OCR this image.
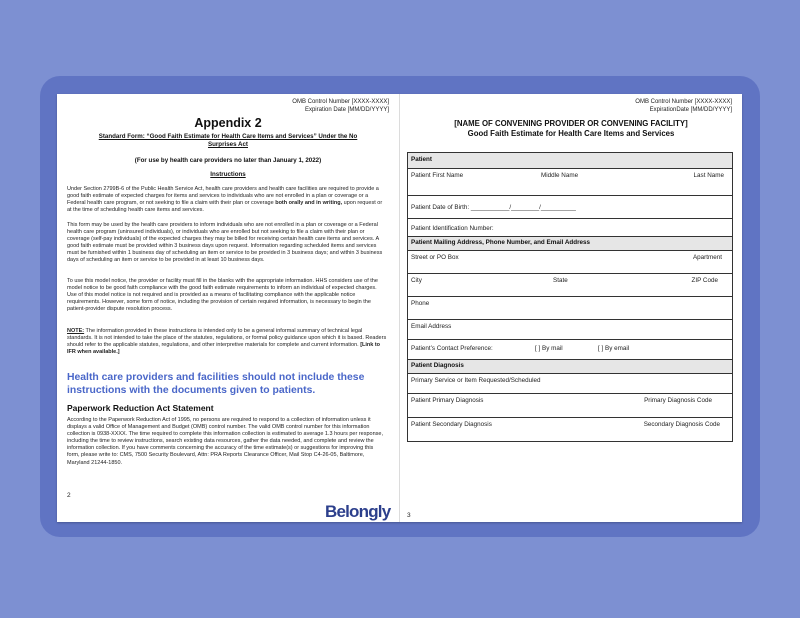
OMB Control Number [XXXX-XXXX]
Expiration Date [MM/DD/YYYY]
Appendix 2
Standard Form: “Good Faith Estimate for Health Care Items and Services” Under the No Surprises Act
(For use by health care providers no later than January 1, 2022)
Instructions
Under Section 2799B-6 of the Public Health Service Act, health care providers and health care facilities are required to provide a good faith estimate of expected charges for items and services to individuals who are not enrolled in a plan or coverage or a Federal health care program, or not seeking to file a claim with their plan or coverage both orally and in writing, upon request or at the time of scheduling health care items and services.
This form may be used by the health care providers to inform individuals who are not enrolled in a plan or coverage or a Federal health care program (uninsured individuals), or individuals who are enrolled but not seeking to file a claim with their plan or coverage (self-pay individuals) of the expected charges they may be billed for receiving certain health care items and services. A good faith estimate must be provided within 3 business days upon request. Information regarding scheduled items and services must be furnished within 1 business day of scheduling an item or service to be provided in 3 business days; and within 3 business days of scheduling an item or service to be provided in at least 10 business days.
To use this model notice, the provider or facility must fill in the blanks with the appropriate information. HHS considers use of the model notice to be good faith compliance with the good faith estimate requirements to inform an individual of expected charges. Use of this model notice is not required and is provided as a means of facilitating compliance with the applicable notice requirements. However, some form of notice, including the provision of certain required information, is necessary to begin the patient-provider dispute resolution process.
NOTE: The information provided in these instructions is intended only to be a general informal summary of technical legal standards. It is not intended to take the place of the statutes, regulations, or formal policy guidance upon which it is based. Readers should refer to the applicable statutes, regulations, and other interpretive materials for complete and current information. [Link to IFR when available.]
Health care providers and facilities should not include these instructions with the documents given to patients.
Paperwork Reduction Act Statement
According to the Paperwork Reduction Act of 1995, no persons are required to respond to a collection of information unless it displays a valid Office of Management and Budget (OMB) control number. The valid OMB control number for this information collection is 0938-XXXX. The time required to complete this information collection is estimated to average 1.3 hours per response, including the time to review instructions, search existing data resources, gather the data needed, and complete and review the information collection. If you have comments concerning the accuracy of the time estimate(s) or suggestions for improving this form, please write to: CMS, 7500 Security Boulevard, Attn: PRA Reports Clearance Officer, Mail Stop C4-26-05, Baltimore, Maryland 21244-1850.
2
Belongly
OMB Control Number [XXXX-XXXX]
ExpirationDate [MM/DD/YYYY]
[NAME OF CONVENING PROVIDER OR CONVENING FACILITY]
Good Faith Estimate for Health Care Items and Services
Patient
Patient First Name	Middle Name	Last Name
Patient Date of Birth: ___________/________/__________
Patient Identification Number:
Patient Mailing Address, Phone Number, and Email Address
Street or PO Box	Apartment
City	State	ZIP Code
Phone
Email Address
Patient’s Contact Preference:	[ ] By mail	[ ] By email
Patient Diagnosis
Primary Service or Item Requested/Scheduled
Patient Primary Diagnosis	Primary Diagnosis Code
Patient Secondary Diagnosis	Secondary Diagnosis Code
3
